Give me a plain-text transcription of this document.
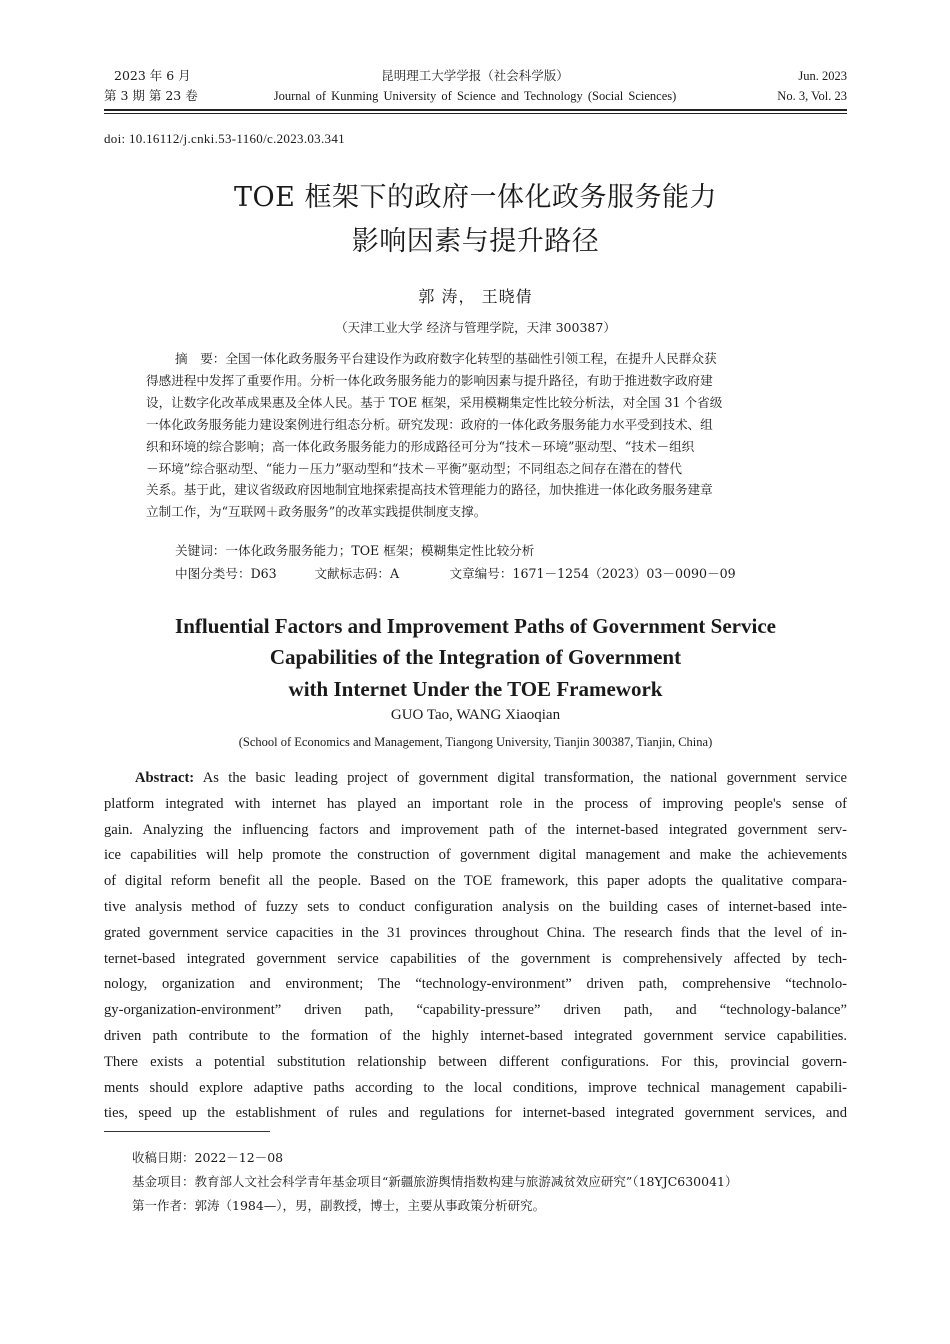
2023 年 6 月
第 3 期 第 23 卷
昆明理工大学学报（社会科学版）
Journal of Kunming University of Science and Technology (Social Sciences)
Jun. 2023
No. 3, Vol. 23
doi: 10.16112/j.cnki.53-1160/c.2023.03.341
TOE 框架下的政府一体化政务服务能力
影响因素与提升路径
郭 涛， 王晓倩
（天津工业大学 经济与管理学院，天津 300387）
摘　要：全国一体化政务服务平台建设作为政府数字化转型的基础性引领工程，在提升人民群众获
得感进程中发挥了重要作用。分析一体化政务服务能力的影响因素与提升路径，有助于推进数字政府建
设，让数字化改革成果惠及全体人民。基于 TOE 框架，采用模糊集定性比较分析法，对全国 31 个省级
一体化政务服务能力建设案例进行组态分析。研究发现：政府的一体化政务服务能力水平受到技术、组
织和环境的综合影响；高一体化政务服务能力的形成路径可分为“技术－环境”驱动型、“技术－组织
－环境”综合驱动型、“能力－压力”驱动型和“技术－平衡”驱动型；不同组态之间存在潜在的替代
关系。基于此，建议省级政府因地制宜地探索提高技术管理能力的路径，加快推进一体化政务服务建章
立制工作，为“互联网＋政务服务”的改革实践提供制度支撑。
关键词：一体化政务服务能力；TOE 框架；模糊集定性比较分析
中图分类号：D63　　　文献标志码：A　　　　文章编号：1671－1254（2023）03－0090－09
Influential Factors and Improvement Paths of Government Service
Capabilities of the Integration of Government
with Internet Under the TOE Framework
GUO Tao, WANG Xiaoqian
(School of Economics and Management, Tiangong University, Tianjin 300387, Tianjin, China)
Abstract: As the basic leading project of government digital transformation, the national government service
platform integrated with internet has played an important role in the process of improving people's sense of
gain. Analyzing the influencing factors and improvement path of the internet-based integrated government serv-
ice capabilities will help promote the construction of government digital management and make the achievements
of digital reform benefit all the people. Based on the TOE framework, this paper adopts the qualitative compara-
tive analysis method of fuzzy sets to conduct configuration analysis on the building cases of internet-based inte-
grated government service capacities in the 31 provinces throughout China. The research finds that the level of in-
ternet-based integrated government service capabilities of the government is comprehensively affected by tech-
nology, organization and environment; The “technology-environment” driven path, comprehensive “technolo-
gy-organization-environment” driven path, “capability-pressure” driven path, and “technology-balance”
driven path contribute to the formation of the highly internet-based integrated government service capabilities.
There exists a potential substitution relationship between different configurations. For this, provincial govern-
ments should explore adaptive paths according to the local conditions, improve technical management capabili-
ties, speed up the establishment of rules and regulations for internet-based integrated government services, and
收稿日期：2022－12－08
基金项目：教育部人文社会科学青年基金项目“新疆旅游舆情指数构建与旅游减贫效应研究”（18YJC630041）
第一作者：郭涛（1984—），男，副教授，博士，主要从事政策分析研究。
